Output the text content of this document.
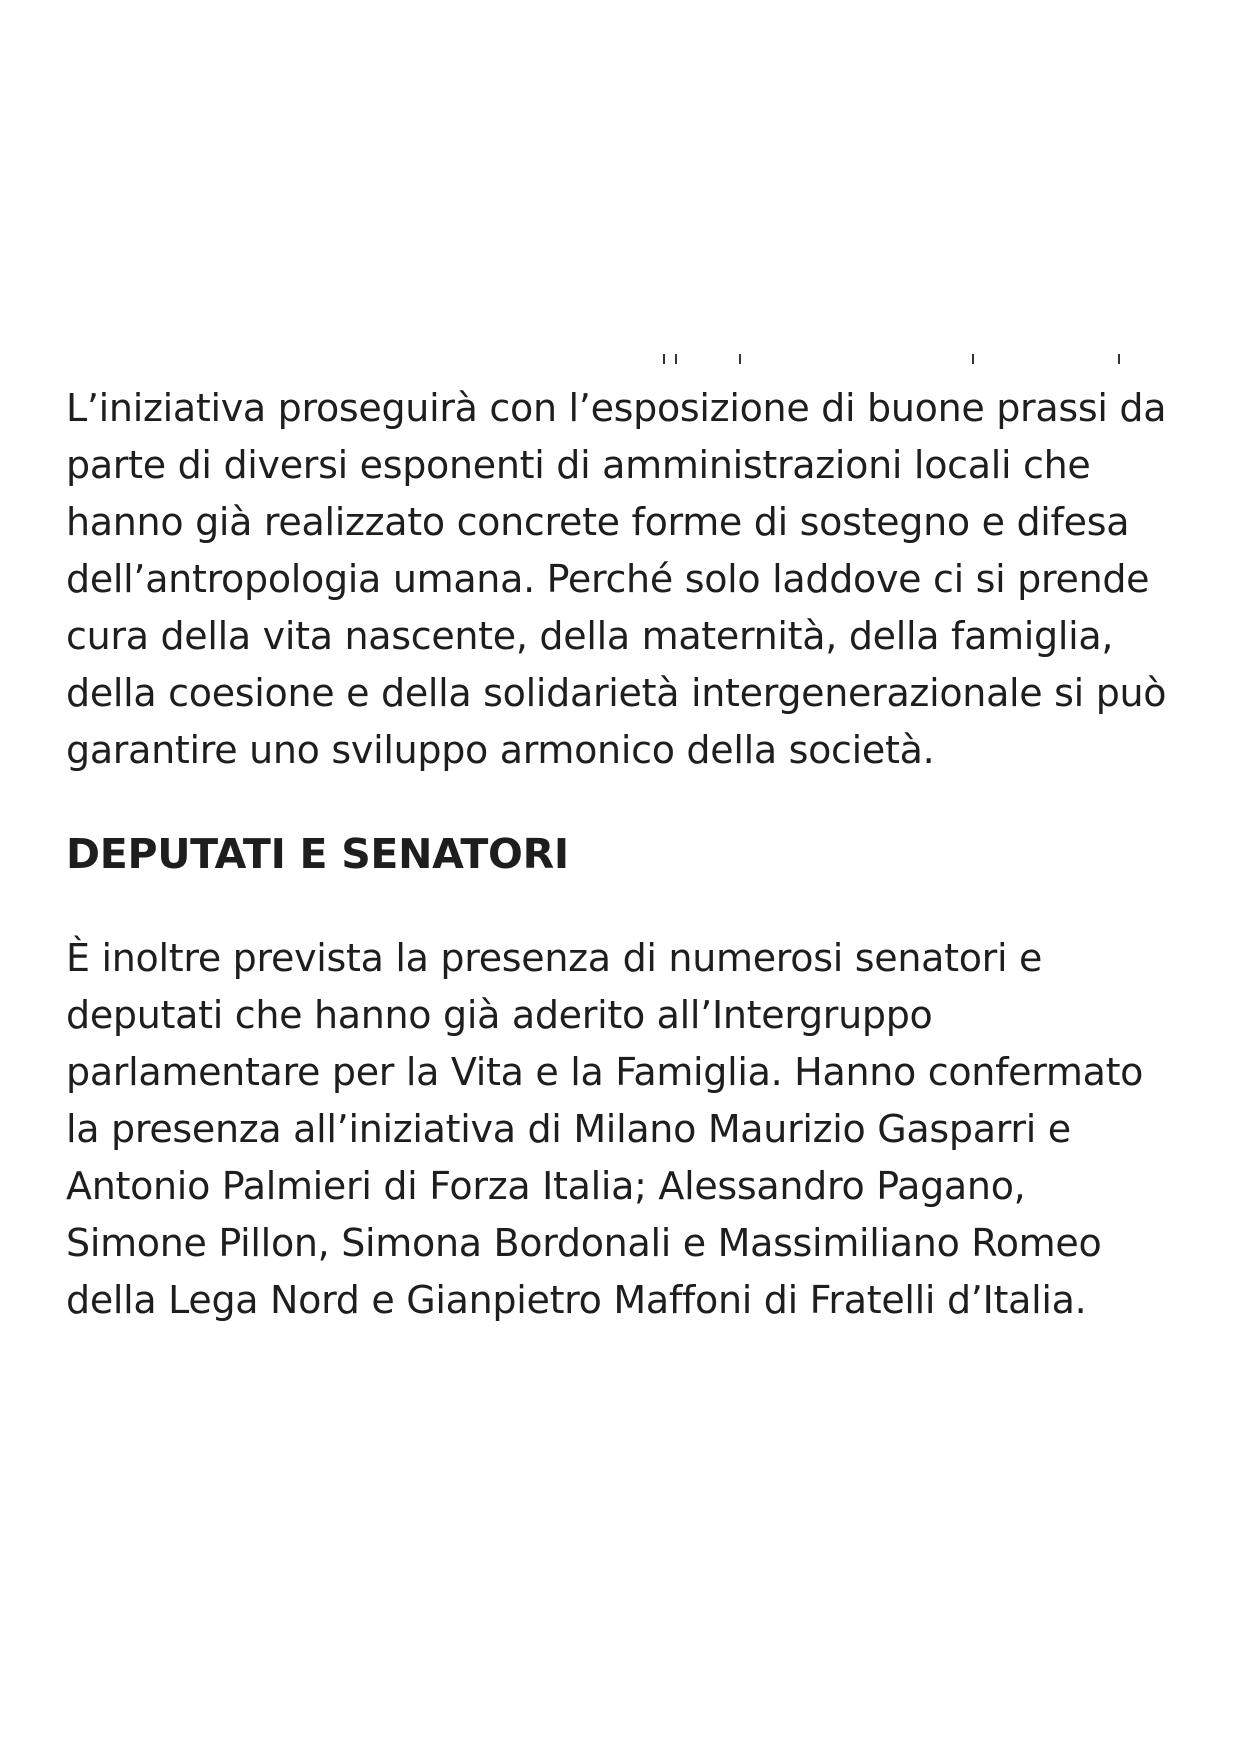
L’iniziativa proseguirà con l’esposizione di buone prassi da
parte di diversi esponenti di amministrazioni locali che
hanno già realizzato concrete forme di sostegno e difesa
dell’antropologia umana. Perché solo laddove ci si prende
cura della vita nascente, della maternità, della famiglia,
della coesione e della solidarietà intergenerazionale si può
garantire uno sviluppo armonico della società.

DEPUTATI E SENATORI

È inoltre prevista la presenza di numerosi senatori e
deputati che hanno già aderito all’Intergruppo
parlamentare per la Vita e la Famiglia. Hanno confermato
la presenza all’iniziativa di Milano Maurizio Gasparri e
Antonio Palmieri di Forza Italia; Alessandro Pagano,
Simone Pillon, Simona Bordonali e Massimiliano Romeo
della Lega Nord e Gianpietro Maffoni di Fratelli d’Italia.
